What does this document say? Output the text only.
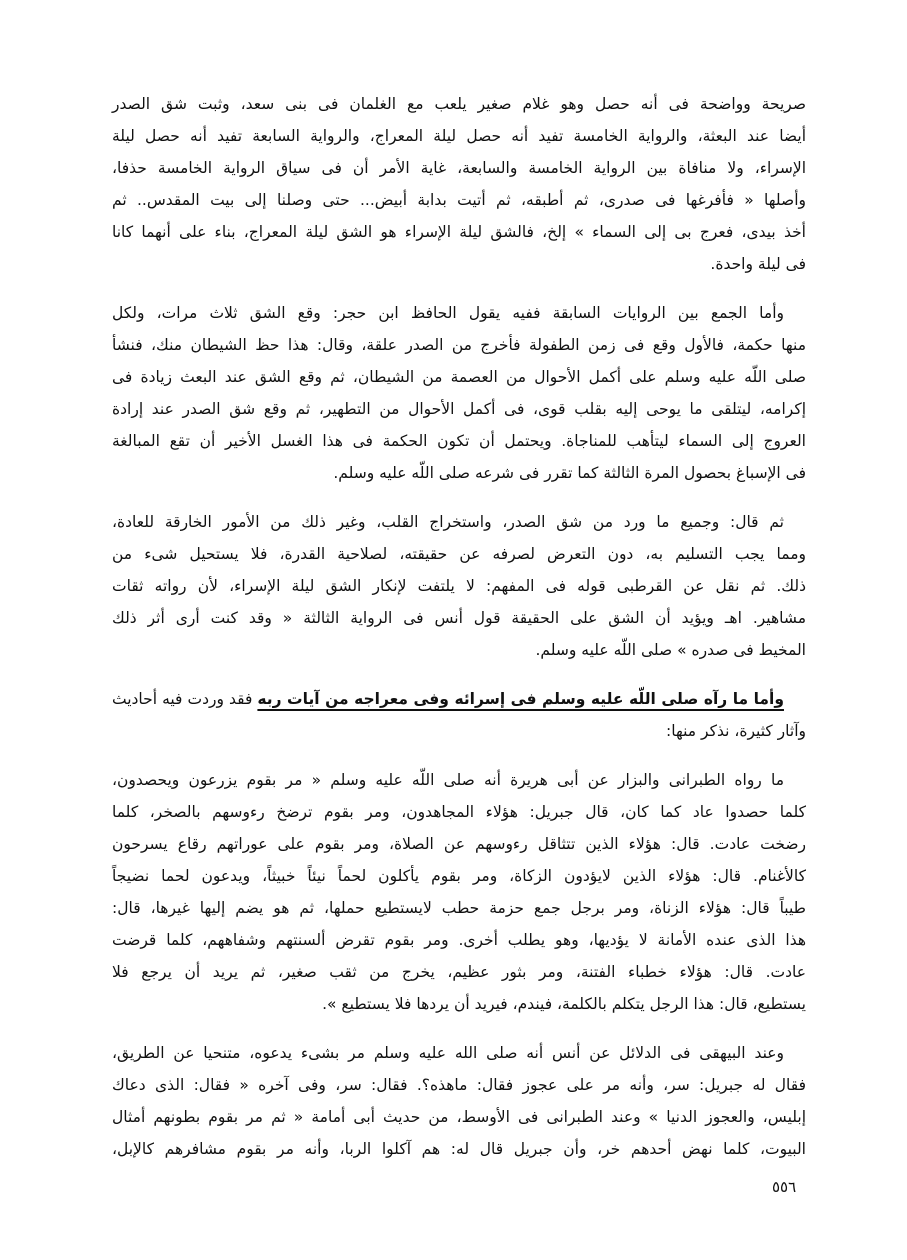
صريحة وواضحة فى أنه حصل وهو غلام صغير يلعب مع الغلمان فى بنى سعد، وثبت شق الصدر
أيضا عند البعثة، والرواية الخامسة تفيد أنه حصل ليلة المعراج، والرواية السابعة تفيد أنه حصل ليلة
الإسراء، ولا منافاة بين الرواية الخامسة والسابعة، غاية الأمر أن فى سياق الرواية الخامسة حذفا،
وأصلها « فأفرغها فى صدرى، ثم أطبقه، ثم أتيت بدابة أبيض... حتى وصلنا إلى بيت المقدس.. ثم
أخذ بيدى، فعرج بى إلى السماء » إلخ، فالشق ليلة الإسراء هو الشق ليلة المعراج، بناء على أنهما كانا
فى ليلة واحدة.
وأما الجمع بين الروايات السابقة ففيه يقول الحافظ ابن حجر: وقع الشق ثلاث مرات، ولكل
منها حكمة، فالأول وقع فى زمن الطفولة فأخرج من الصدر علقة، وقال: هذا حظ الشيطان منك، فنشأ
صلى اللّه عليه وسلم على أكمل الأحوال من العصمة من الشيطان، ثم وقع الشق عند البعث زيادة فى
إكرامه، ليتلقى ما يوحى إليه بقلب قوى، فى أكمل الأحوال من التطهير، ثم وقع شق الصدر عند إرادة
العروج إلى السماء ليتأهب للمناجاة. ويحتمل أن تكون الحكمة فى هذا الغسل الأخير أن تقع المبالغة
فى الإسباغ بحصول المرة الثالثة كما تقرر فى شرعه صلى اللّه عليه وسلم.
ثم قال: وجميع ما ورد من شق الصدر، واستخراج القلب، وغير ذلك من الأمور الخارقة للعادة،
ومما يجب التسليم به، دون التعرض لصرفه عن حقيقته، لصلاحية القدرة، فلا يستحيل شىء من
ذلك. ثم نقل عن القرطبى قوله فى المفهم: لا يلتفت لإنكار الشق ليلة الإسراء، لأن رواته ثقات
مشاهير. اهـ ويؤيد أن الشق على الحقيقة قول أنس فى الرواية الثالثة « وقد كنت أرى أثر ذلك
المخيط فى صدره » صلى اللّه عليه وسلم.
وأما ما رآه صلى اللّه عليه وسلم فى إسرائه وفى معراجه من آيات ربه فقد وردت فيه أحاديث
وآثار كثيرة، نذكر منها:
ما رواه الطبرانى والبزار عن أبى هريرة أنه صلى اللّه عليه وسلم « مر بقوم يزرعون ويحصدون،
كلما حصدوا عاد كما كان، قال جبريل: هؤلاء المجاهدون، ومر بقوم ترضخ رءوسهم بالصخر، كلما
رضخت عادت. قال: هؤلاء الذين تتثاقل رءوسهم عن الصلاة، ومر بقوم على عوراتهم رقاع يسرحون
كالأغنام. قال: هؤلاء الذين لايؤدون الزكاة، ومر بقوم يأكلون لحماً نيئاً خبيثاً، ويدعون لحما نضيجاً
طيباً قال: هؤلاء الزناة، ومر برجل جمع حزمة حطب لايستطيع حملها، ثم هو يضم إليها غيرها، قال:
هذا الذى عنده الأمانة لا يؤديها، وهو يطلب أخرى. ومر بقوم تقرض ألسنتهم وشفاههم، كلما قرضت
عادت. قال: هؤلاء خطباء الفتنة، ومر بثور عظيم، يخرج من ثقب صغير، ثم يريد أن يرجع فلا
يستطيع، قال: هذا الرجل يتكلم بالكلمة، فيندم، فيريد أن يردها فلا يستطيع ».
وعند البيهقى فى الدلائل عن أنس أنه صلى الله عليه وسلم مر بشىء يدعوه، متنحيا عن الطريق،
فقال له جبريل: سر، وأنه مر على عجوز فقال: ماهذه؟. فقال: سر، وفى آخره « فقال: الذى دعاك
إبليس، والعجوز الدنيا » وعند الطبرانى فى الأوسط، من حديث أبى أمامة « ثم مر بقوم بطونهم أمثال
البيوت، كلما نهض أحدهم خر، وأن جبريل قال له: هم آكلوا الربا، وأنه مر بقوم مشافرهم كالإبل،
٥٥٦
